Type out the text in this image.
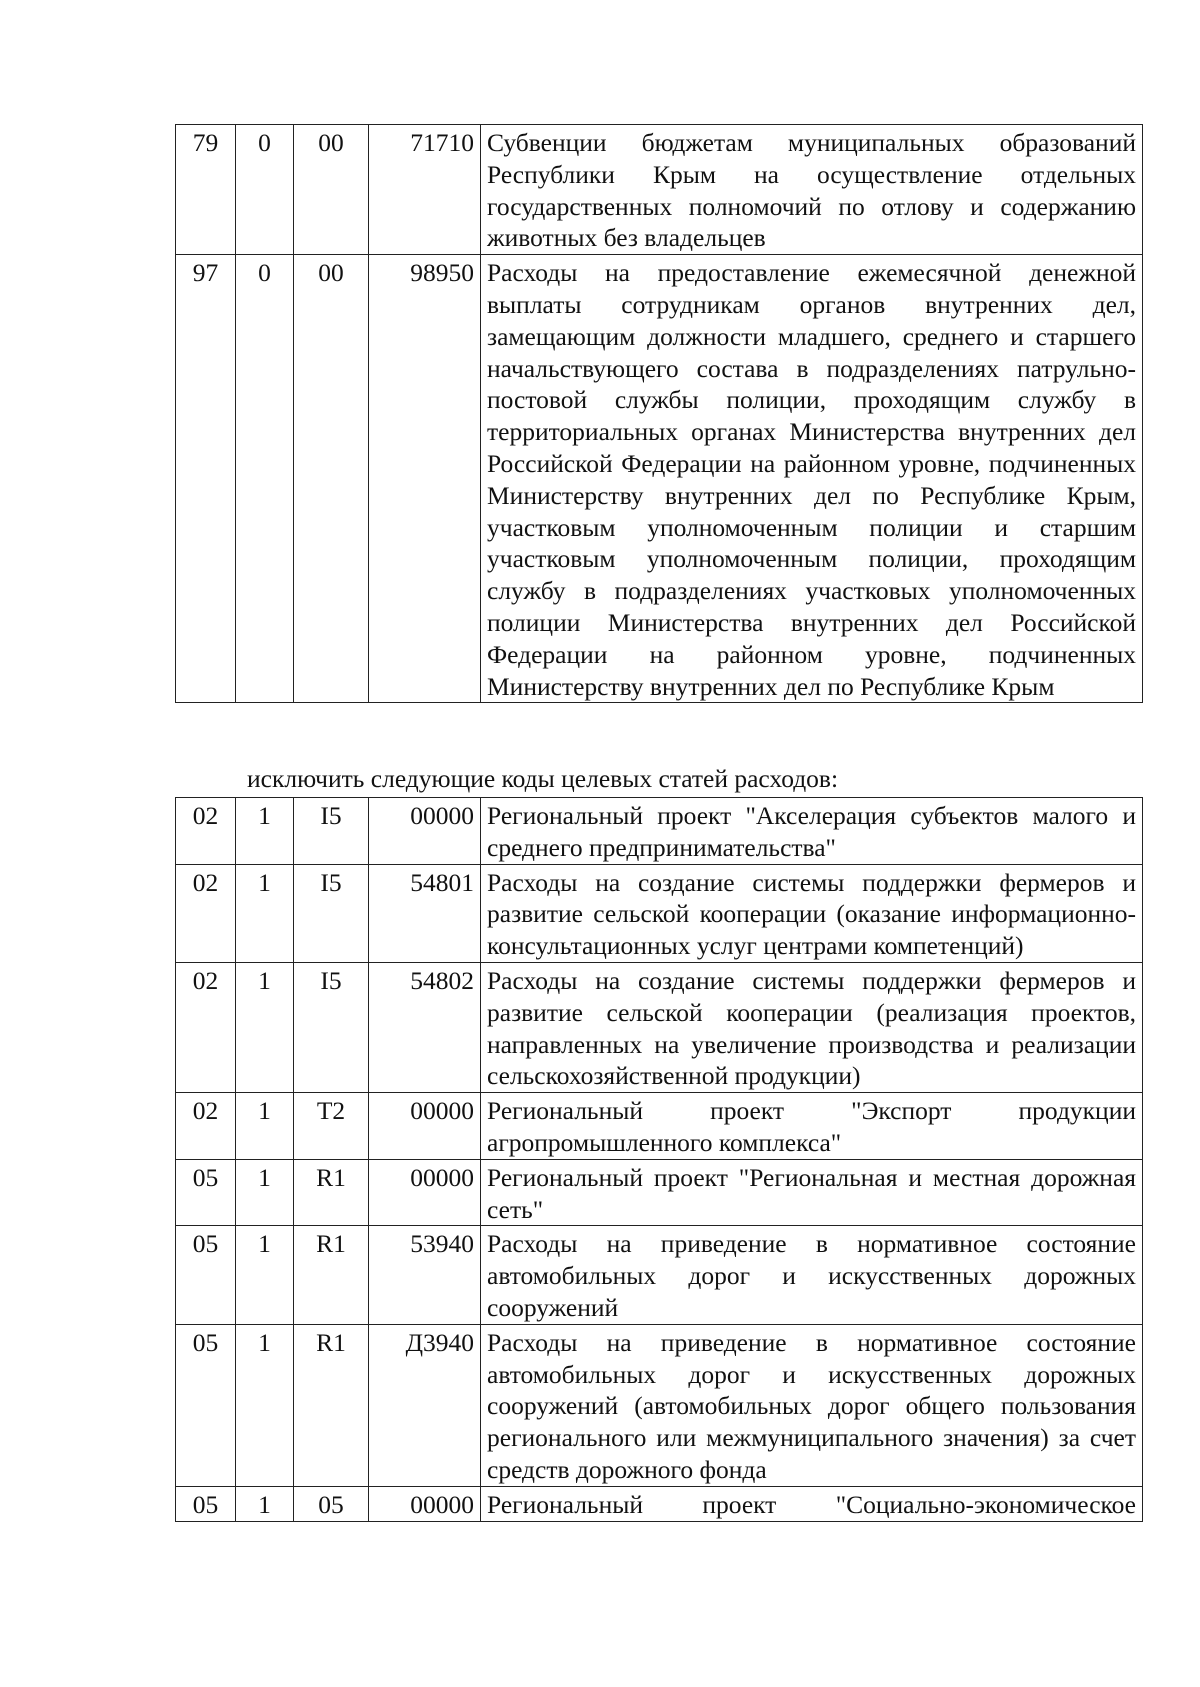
79	0	00	71710	Субвенции бюджетам муниципальных образований Республики Крым на осуществление отдельных государственных полномочий по отлову и содержанию животных без владельцев
97	0	00	98950	Расходы на предоставление ежемесячной денежной выплаты сотрудникам органов внутренних дел, замещающим должности младшего, среднего и старшего начальствующего состава в подразделениях патрульно-постовой службы полиции, проходящим службу в территориальных органах Министерства внутренних дел Российской Федерации на районном уровне, подчиненных Министерству внутренних дел по Республике Крым, участковым уполномоченным полиции и старшим участковым уполномоченным полиции, проходящим службу в подразделениях участковых уполномоченных полиции Министерства внутренних дел Российской Федерации на районном уровне, подчиненных Министерству внутренних дел по Республике Крым
исключить следующие коды целевых статей расходов:
02	1	I5	00000	Региональный проект "Акселерация субъектов малого и среднего предпринимательства"
02	1	I5	54801	Расходы на создание системы поддержки фермеров и развитие сельской кооперации (оказание информационно-консультационных услуг центрами компетенций)
02	1	I5	54802	Расходы на создание системы поддержки фермеров и развитие сельской кооперации (реализация проектов, направленных на увеличение производства и реализации сельскохозяйственной продукции)
02	1	T2	00000	Региональный проект "Экспорт продукции агропромышленного комплекса"
05	1	R1	00000	Региональный проект "Региональная и местная дорожная сеть"
05	1	R1	53940	Расходы на приведение в нормативное состояние автомобильных дорог и искусственных дорожных сооружений
05	1	R1	Д3940	Расходы на приведение в нормативное состояние автомобильных дорог и искусственных дорожных сооружений (автомобильных дорог общего пользования регионального или межмуниципального значения) за счет средств дорожного фонда
05	1	05	00000	Региональный проект "Социально-экономическое
